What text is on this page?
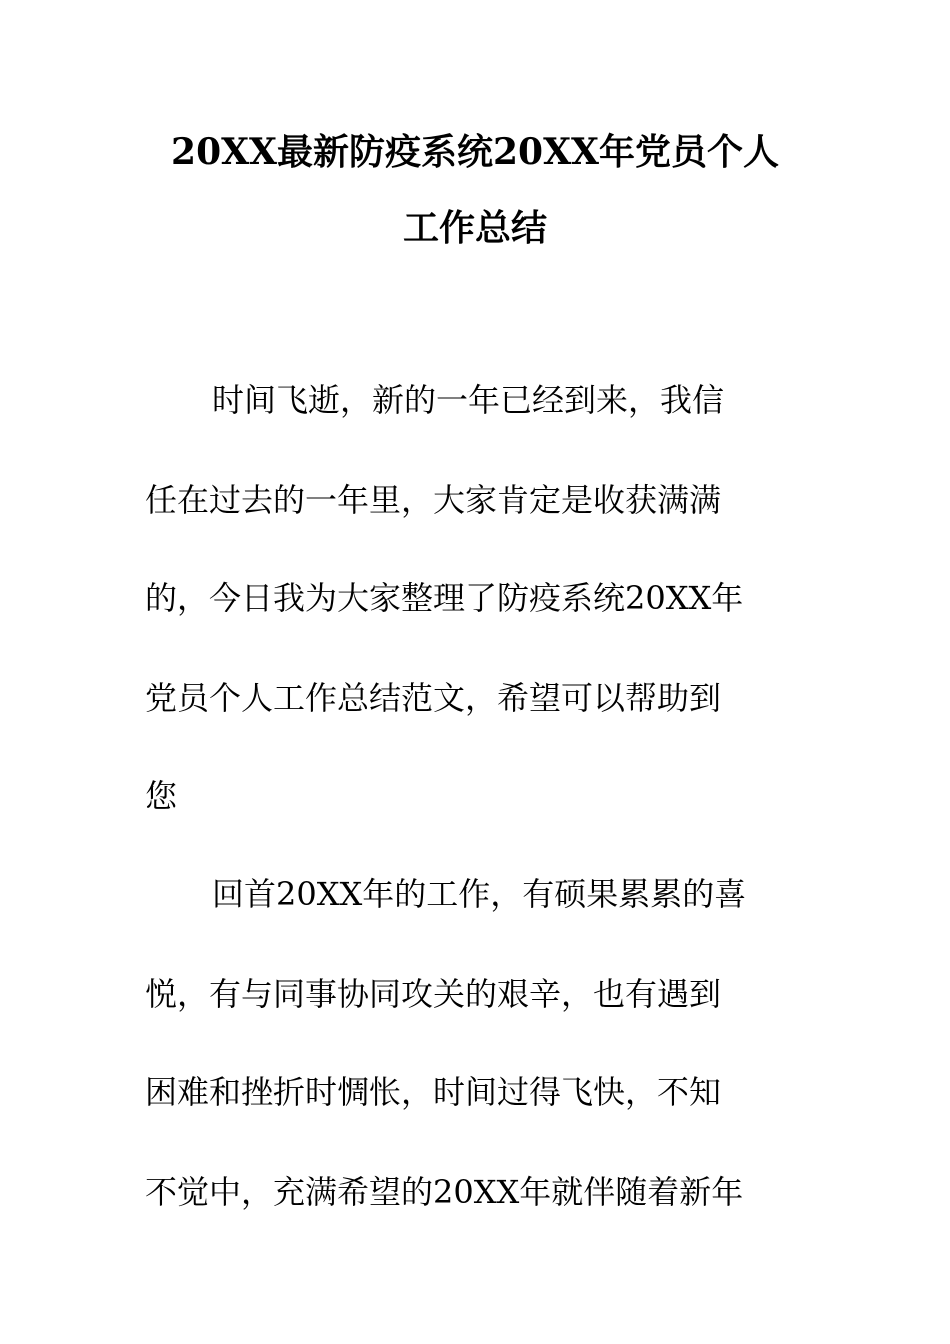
20XX最新防疫系统20XX年党员个人
工作总结
时间飞逝，新的一年已经到来，我信
任在过去的一年里，大家肯定是收获满满
的，今日我为大家整理了防疫系统20XX年
党员个人工作总结范文，希望可以帮助到
您
回首20XX年的工作，有硕果累累的喜
悦，有与同事协同攻关的艰辛，也有遇到
困难和挫折时惆怅，时间过得飞快，不知
不觉中，充满希望的20XX年就伴随着新年
